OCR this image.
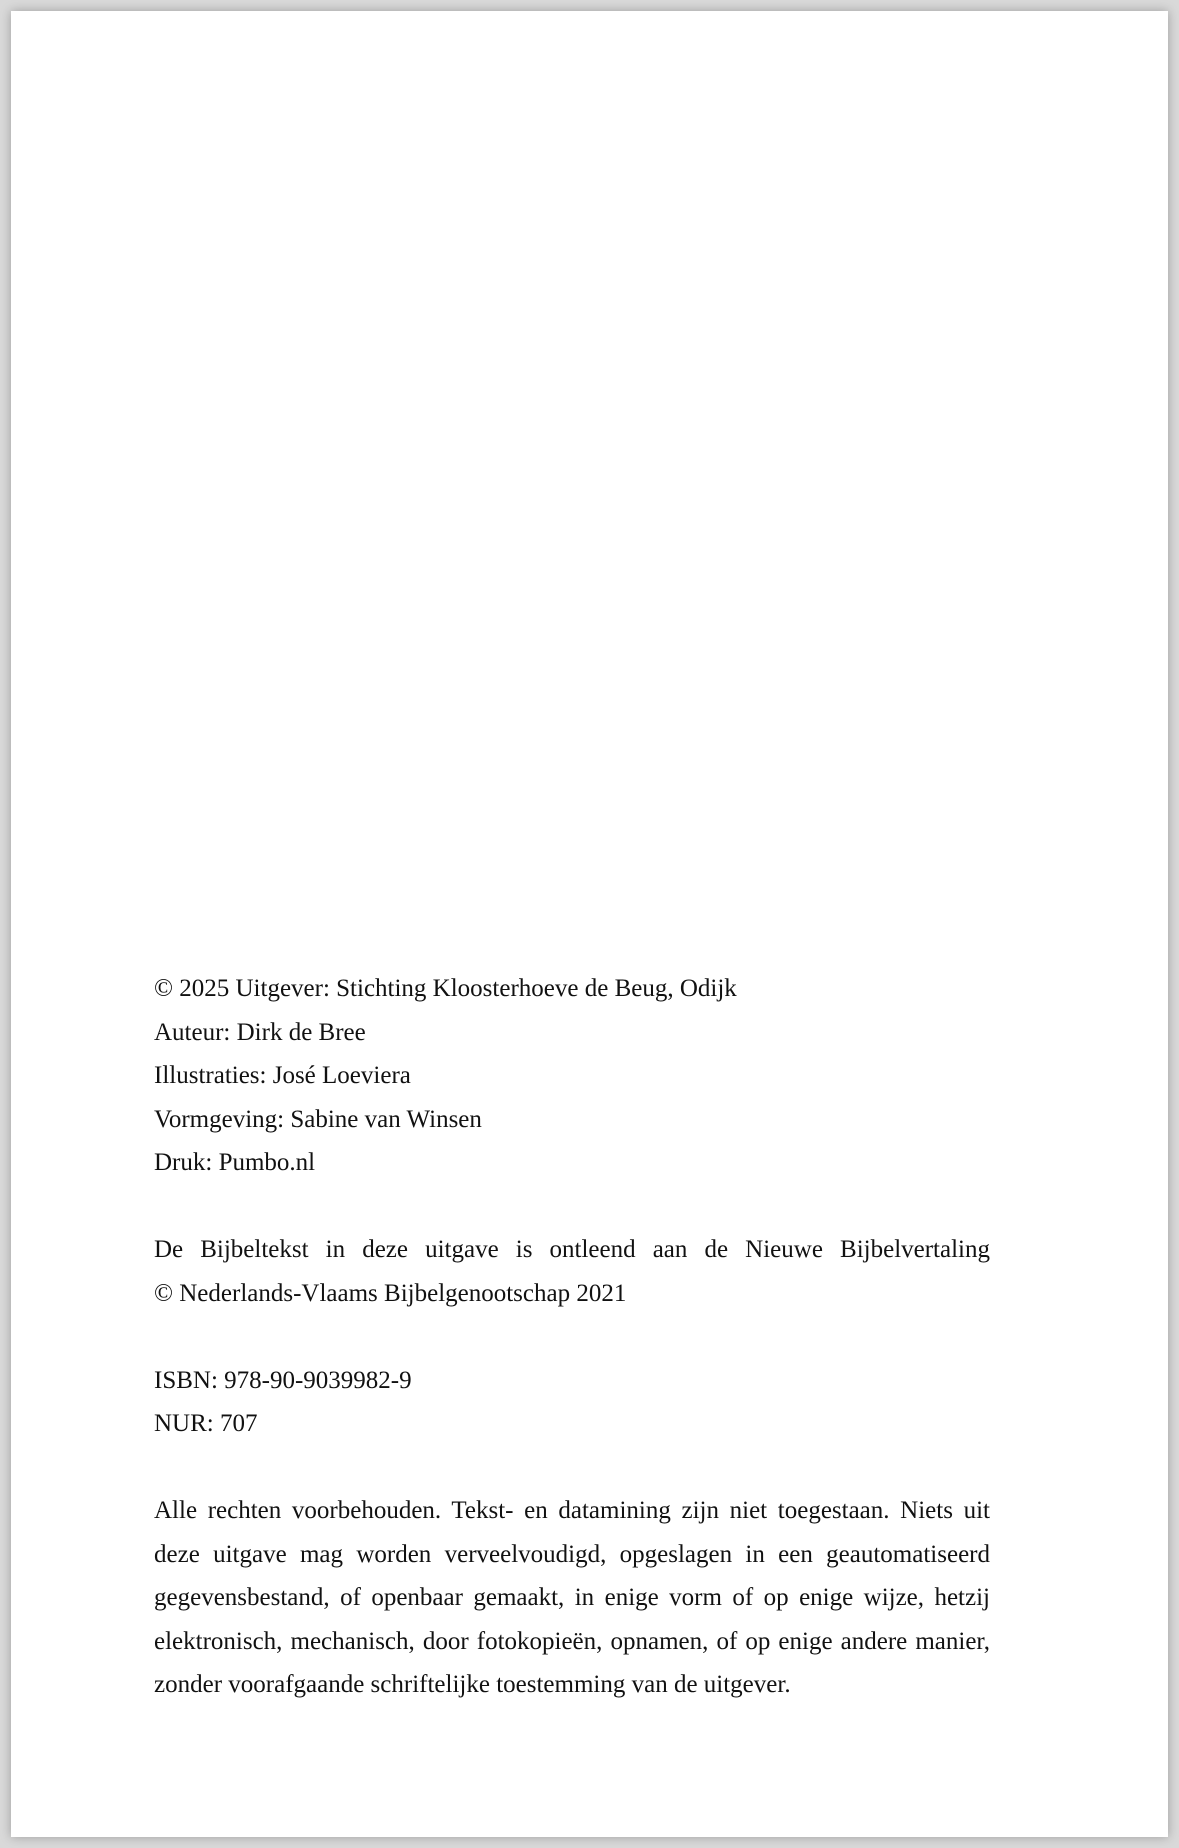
© 2025 Uitgever: Stichting Kloosterhoeve de Beug, Odijk

Auteur: Dirk de Bree

Illustraties: José Loeviera

Vormgeving: Sabine van Winsen

Druk: Pumbo.nl

De Bijbeltekst in deze uitgave is ontleend aan de Nieuwe Bijbelvertaling

© Nederlands-Vlaams Bijbelgenootschap 2021

ISBN: 978-90-9039982-9

NUR: 707

Alle rechten voorbehouden. Tekst- en datamining zijn niet toegestaan. Niets uit deze uitgave mag worden verveelvoudigd, opgeslagen in een geautomatiseerd gegevensbestand, of openbaar gemaakt, in enige vorm of op enige wijze, hetzij elektronisch, mechanisch, door fotokopieën, opnamen, of op enige andere manier, zonder voorafgaande schriftelijke toestemming van de uitgever.
